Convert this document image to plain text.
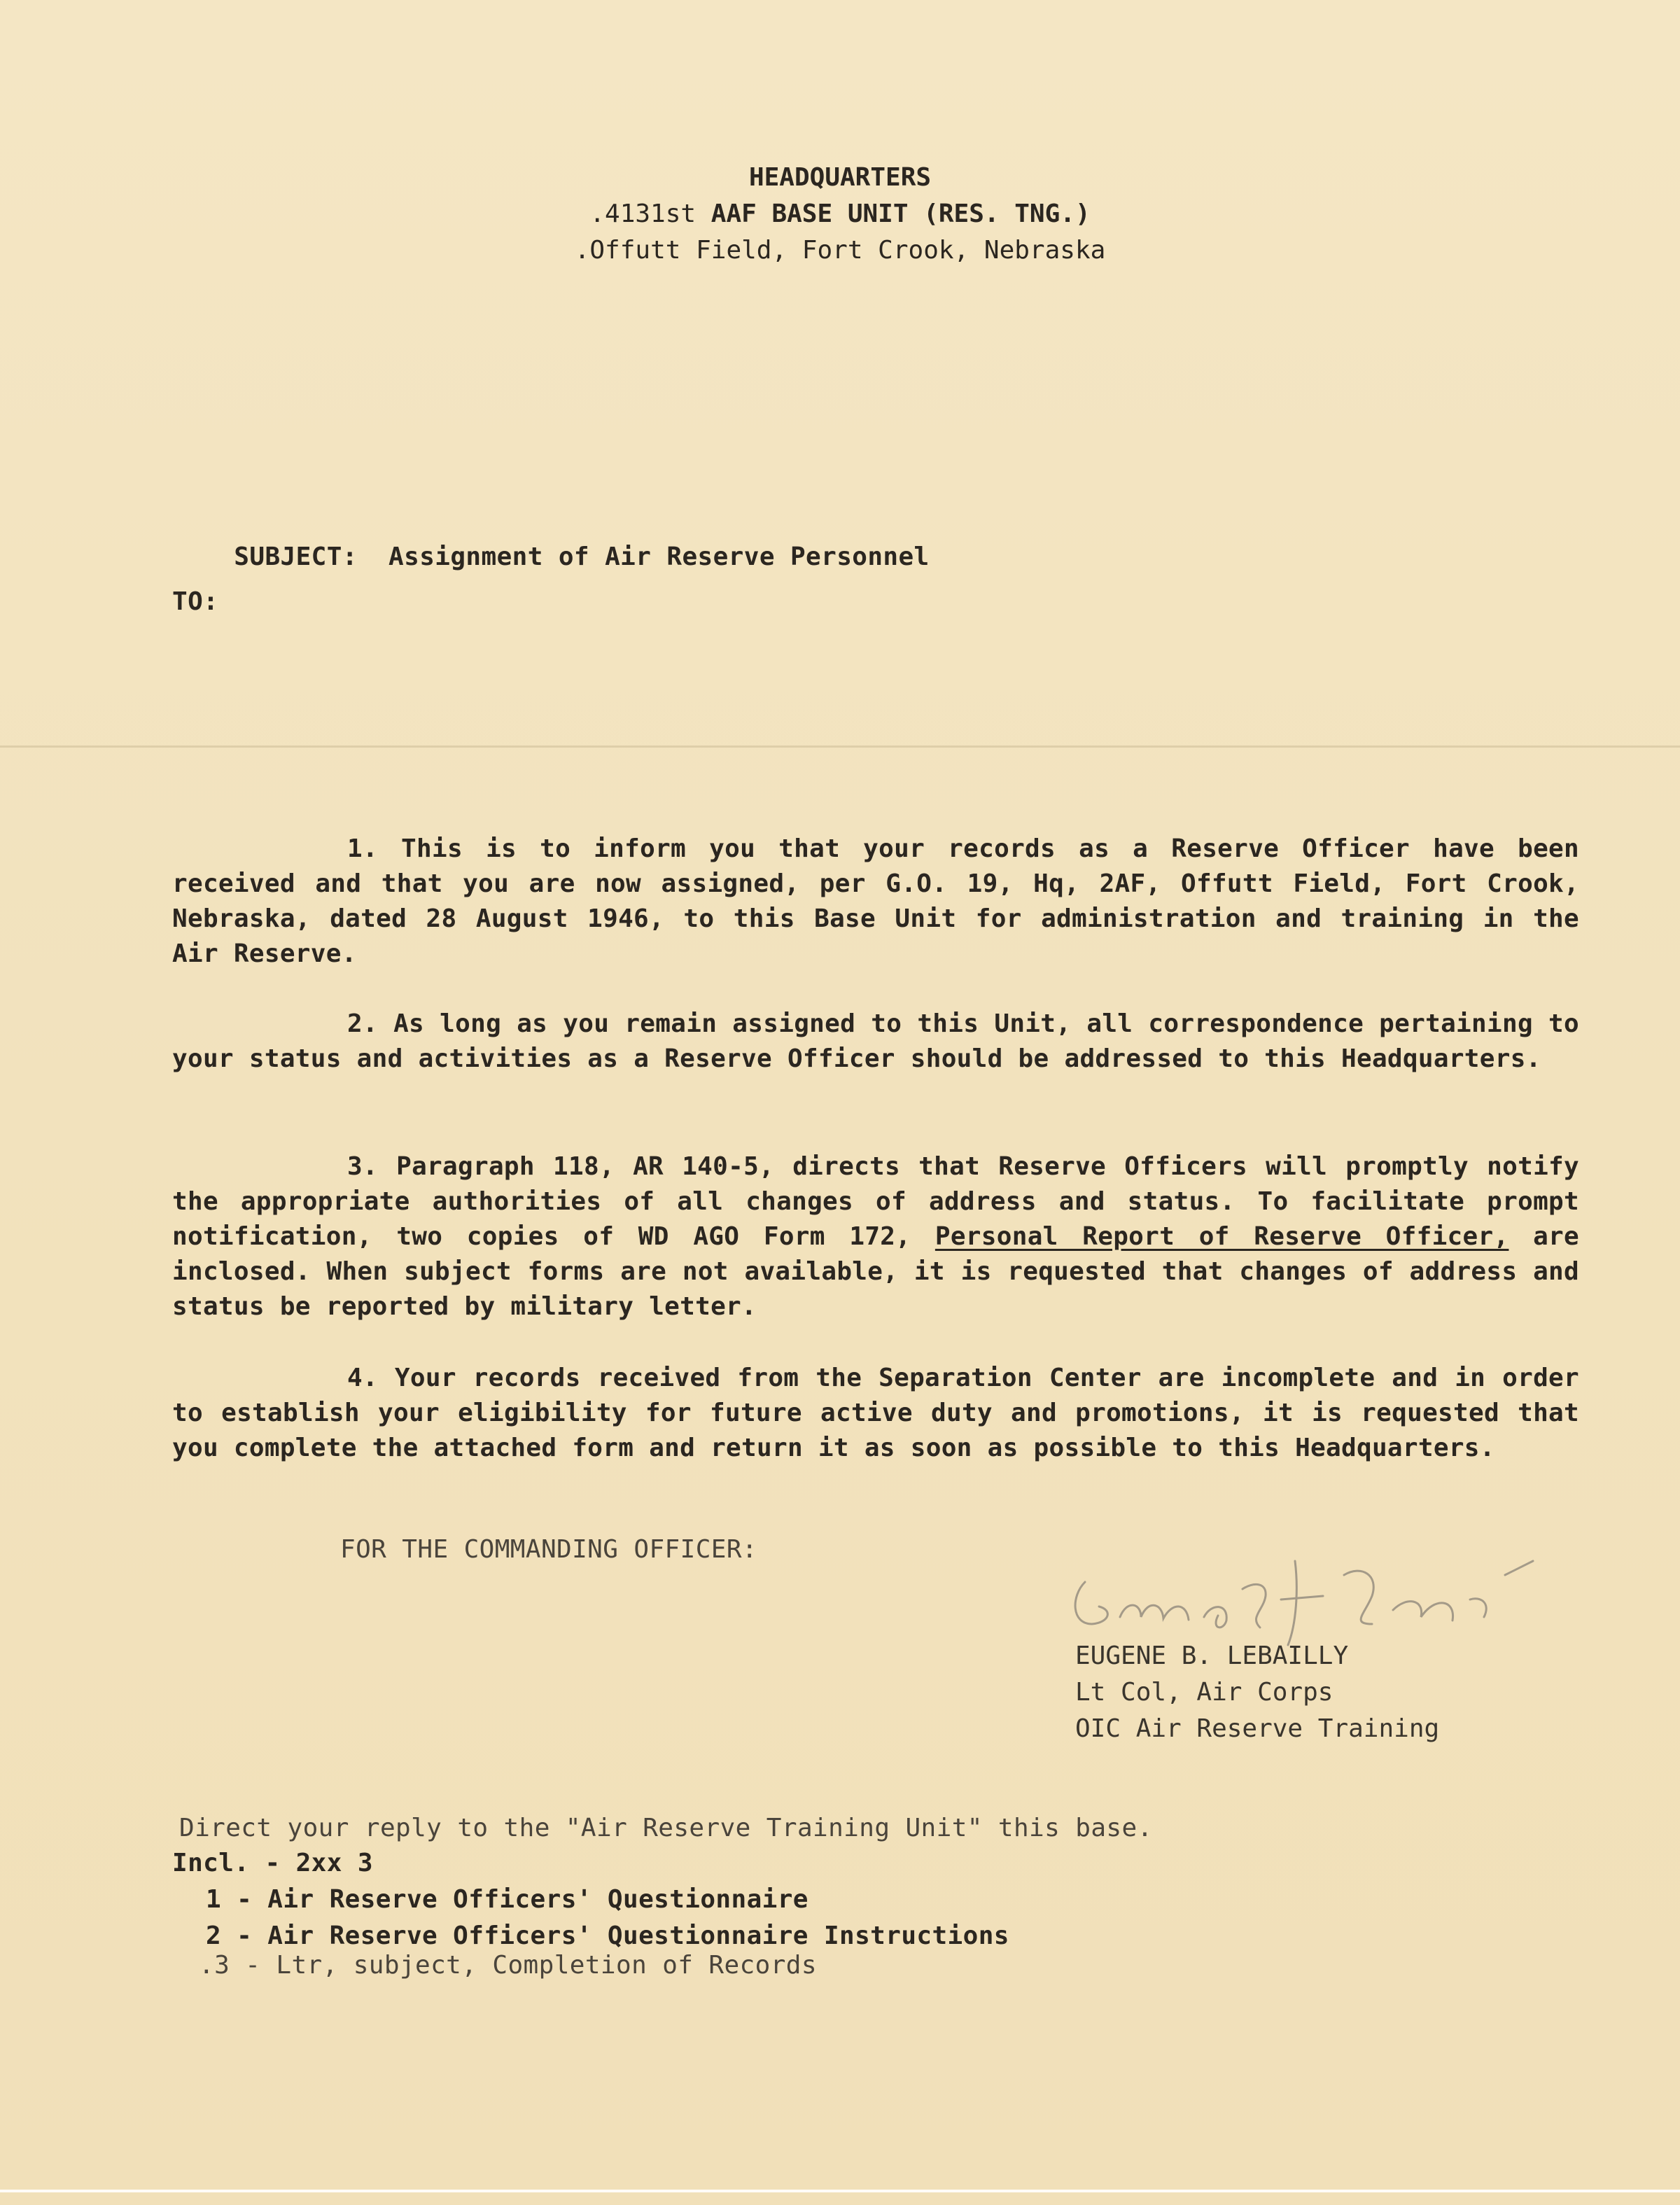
HEADQUARTERS
.4131st AAF BASE UNIT (RES. TNG.)
.Offutt Field, Fort Crook, Nebraska

SUBJECT: Assignment of Air Reserve Personnel

TO:
1. This is to inform you that your records as a Reserve Officer have been received and that you are now assigned, per G.O. 19, Hq, 2AF, Offutt Field, Fort Crook, Nebraska, dated 28 August 1946, to this Base Unit for administration and training in the Air Reserve.
2. As long as you remain assigned to this Unit, all correspondence pertaining to your status and activities as a Reserve Officer should be addressed to this Headquarters.
3. Paragraph 118, AR 140-5, directs that Reserve Officers will promptly notify the appropriate authorities of all changes of address and status. To facilitate prompt notification, two copies of WD AGO Form 172, Personal Report of Reserve Officer, are inclosed. When subject forms are not available, it is requested that changes of address and status be reported by military letter.
4. Your records received from the Separation Center are incomplete and in order to establish your eligibility for future active duty and promotions, it is requested that you complete the attached form and return it as soon as possible to this Headquarters.
FOR THE COMMANDING OFFICER:
EUGENE B. LEBAILLY
Lt Col, Air Corps
OIC Air Reserve Training
Direct your reply to the "Air Reserve Training Unit" this base.
Incl. - 2xx 3
1 - Air Reserve Officers' Questionnaire
2 - Air Reserve Officers' Questionnaire Instructions
.3 - Ltr, subject, Completion of Records
